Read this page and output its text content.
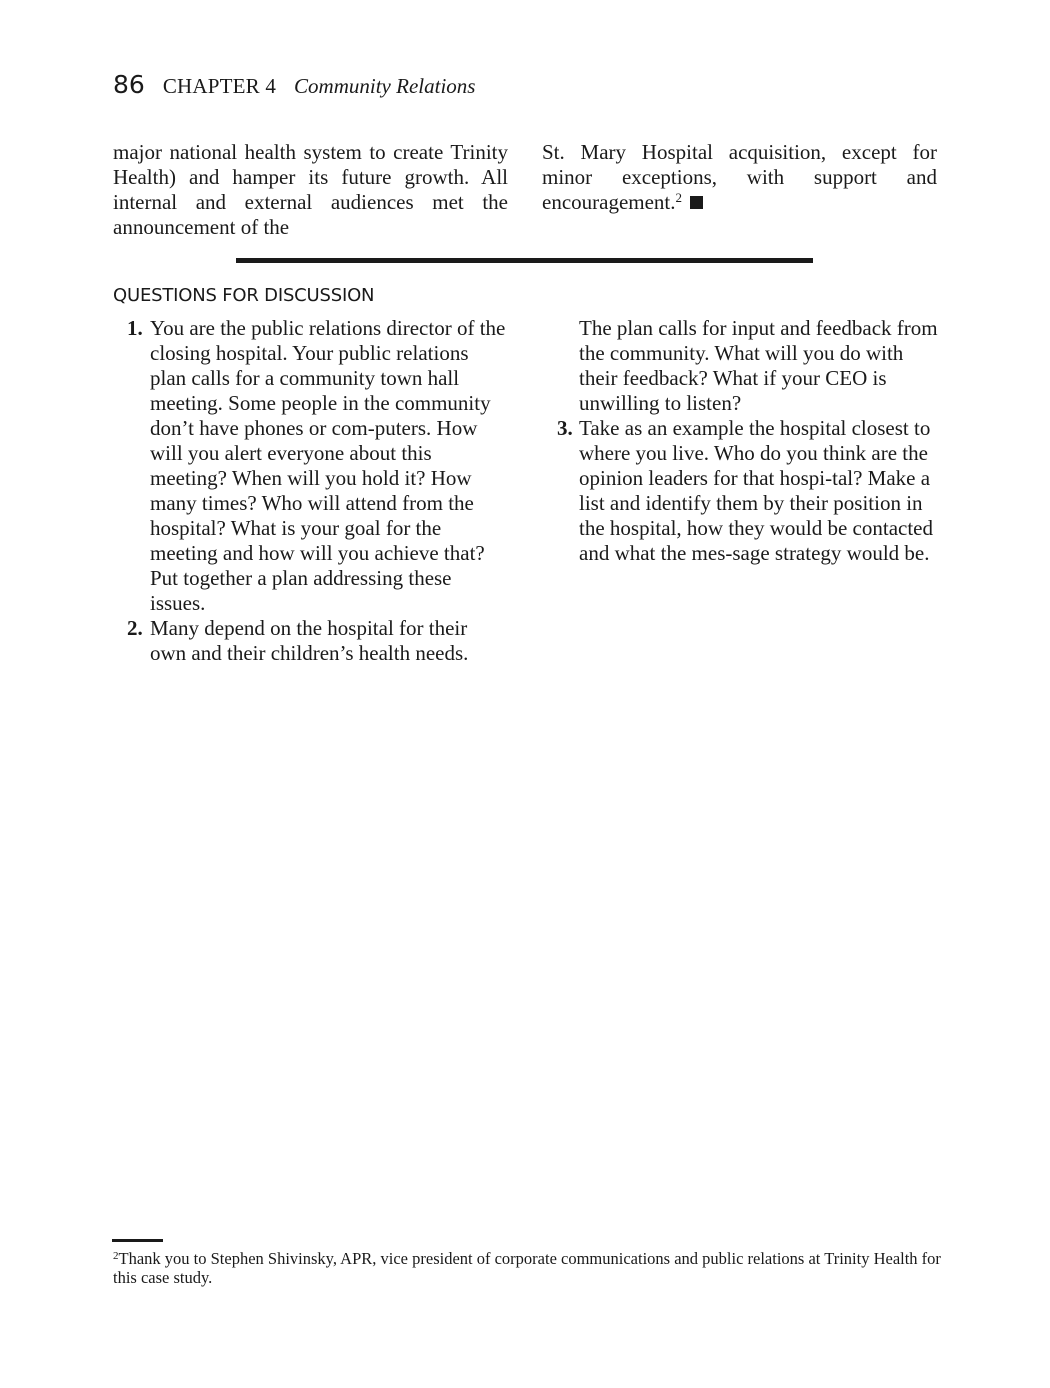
86 CHAPTER 4 Community Relations
major national health system to create Trinity Health) and hamper its future growth. All internal and external audiences met the announcement of the
St. Mary Hospital acquisition, except for minor exceptions, with support and encouragement.$^2$
QUESTIONS FOR DISCUSSION
1. You are the public relations director of the closing hospital. Your public relations plan calls for a community town hall meeting. Some people in the community don’t have phones or com-puters. How will you alert everyone about this meeting? When will you hold it? How many times? Who will attend from the hospital? What is your goal for the meeting and how will you achieve that? Put together a plan addressing these issues.
2. Many depend on the hospital for their own and their children’s health needs.
The plan calls for input and feedback from the community. What will you do with their feedback? What if your CEO is unwilling to listen?
3. Take as an example the hospital closest to where you live. Who do you think are the opinion leaders for that hospi-tal? Make a list and identify them by their position in the hospital, how they would be contacted and what the mes-sage strategy would be.
$^2$Thank you to Stephen Shivinsky, APR, vice president of corporate communications and public relations at Trinity Health for this case study.
